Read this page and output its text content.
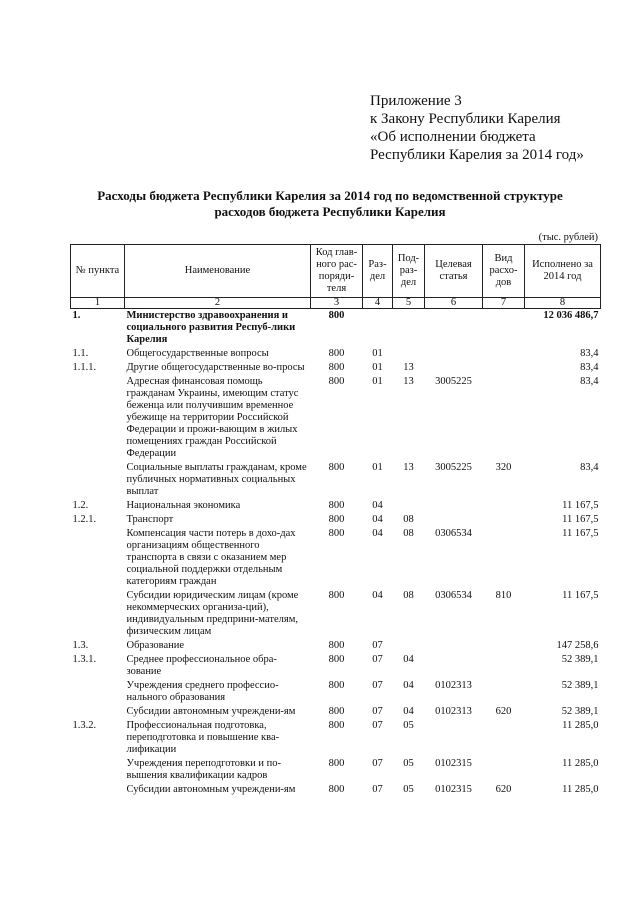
Приложение 3
к Закону Республики Карелия
«Об исполнении бюджета
Республики Карелия за 2014 год»
Расходы бюджета Республики Карелия за 2014 год по ведомственной структуре
расходов бюджета Республики Карелия
(тыс. рублей)
№ пункта	Наименование	Код глав-ного рас-поряди-теля	Раз-дел	Под-раз-дел	Целевая статья	Вид расхо-дов	Исполнено за 2014 год
1	2	3	4	5	6	7	8
1.	Министерство здравоохранения и социального развития Респуб-лики Карелия	800					12 036 486,7
1.1.	Общегосударственные вопросы	800	01				83,4
1.1.1.	Другие общегосударственные во-просы	800	01	13			83,4
	Адресная финансовая помощь гражданам Украины, имеющим статус беженца или получившим временное убежище на территории Российской Федерации и прожи-вающим в жилых помещениях граждан Российской Федерации	800	01	13	3005225		83,4
	Социальные выплаты гражданам, кроме публичных нормативных социальных выплат	800	01	13	3005225	320	83,4
1.2.	Национальная экономика	800	04				11 167,5
1.2.1.	Транспорт	800	04	08			11 167,5
	Компенсация части потерь в дохо-дах организациям общественного транспорта в связи с оказанием мер социальной поддержки отдельным категориям граждан	800	04	08	0306534		11 167,5
	Субсидии юридическим лицам (кроме некоммерческих организа-ций), индивидуальным предприни-мателям, физическим лицам	800	04	08	0306534	810	11 167,5
1.3.	Образование	800	07				147 258,6
1.3.1.	Среднее профессиональное обра-зование	800	07	04			52 389,1
	Учреждения среднего профессио-нального образования	800	07	04	0102313		52 389,1
	Субсидии автономным учреждени-ям	800	07	04	0102313	620	52 389,1
1.3.2.	Профессиональная подготовка, переподготовка и повышение ква-лификации	800	07	05			11 285,0
	Учреждения переподготовки и по-вышения квалификации кадров	800	07	05	0102315		11 285,0
	Субсидии автономным учреждени-ям	800	07	05	0102315	620	11 285,0
